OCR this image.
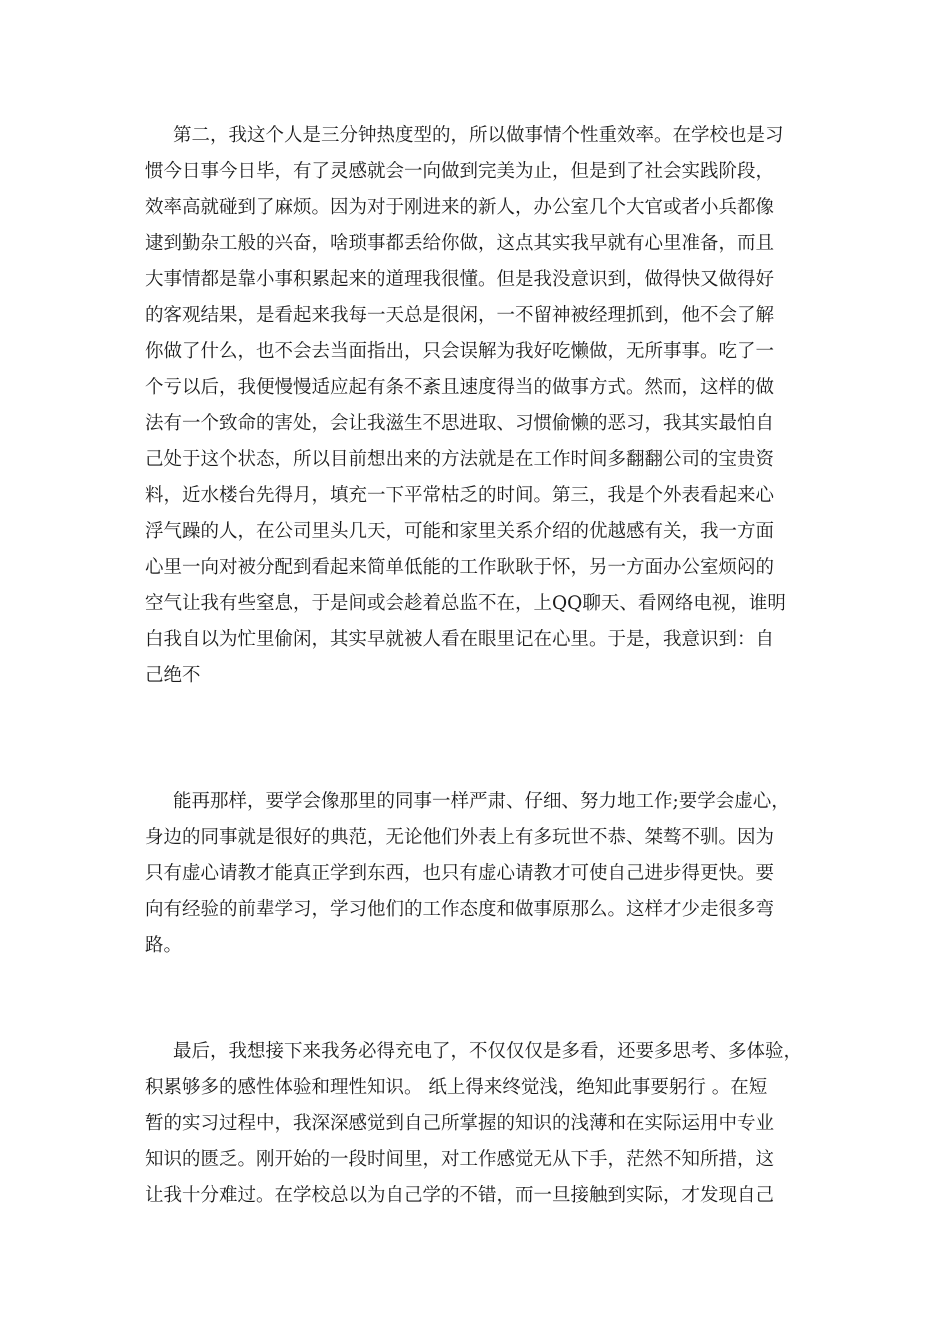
第二，我这个人是三分钟热度型的，所以做事情个性重效率。在学校也是习
惯今日事今日毕，有了灵感就会一向做到完美为止，但是到了社会实践阶段，
效率高就碰到了麻烦。因为对于刚进来的新人，办公室几个大官或者小兵都像
逮到勤杂工般的兴奋，啥琐事都丢给你做，这点其实我早就有心里准备，而且
大事情都是靠小事积累起来的道理我很懂。但是我没意识到，做得快又做得好
的客观结果，是看起来我每一天总是很闲，一不留神被经理抓到，他不会了解
你做了什么，也不会去当面指出，只会误解为我好吃懒做，无所事事。吃了一
个亏以后，我便慢慢适应起有条不紊且速度得当的做事方式。然而，这样的做
法有一个致命的害处，会让我滋生不思进取、习惯偷懒的恶习，我其实最怕自
己处于这个状态，所以目前想出来的方法就是在工作时间多翻翻公司的宝贵资
料，近水楼台先得月，填充一下平常枯乏的时间。第三，我是个外表看起来心
浮气躁的人，在公司里头几天，可能和家里关系介绍的优越感有关，我一方面
心里一向对被分配到看起来简单低能的工作耿耿于怀，另一方面办公室烦闷的
空气让我有些窒息，于是间或会趁着总监不在，上QQ聊天、看网络电视，谁明
白我自以为忙里偷闲，其实早就被人看在眼里记在心里。于是，我意识到：自
己绝不
能再那样，要学会像那里的同事一样严肃、仔细、努力地工作;要学会虚心，
身边的同事就是很好的典范，无论他们外表上有多玩世不恭、桀骜不驯。因为
只有虚心请教才能真正学到东西，也只有虚心请教才可使自己进步得更快。要
向有经验的前辈学习，学习他们的工作态度和做事原那么。这样才少走很多弯
路。
最后，我想接下来我务必得充电了，不仅仅仅是多看，还要多思考、多体验，
积累够多的感性体验和理性知识。 纸上得来终觉浅，绝知此事要躬行 。在短
暂的实习过程中，我深深感觉到自己所掌握的知识的浅薄和在实际运用中专业
知识的匮乏。刚开始的一段时间里，对工作感觉无从下手，茫然不知所措，这
让我十分难过。在学校总以为自己学的不错，而一旦接触到实际，才发现自己
